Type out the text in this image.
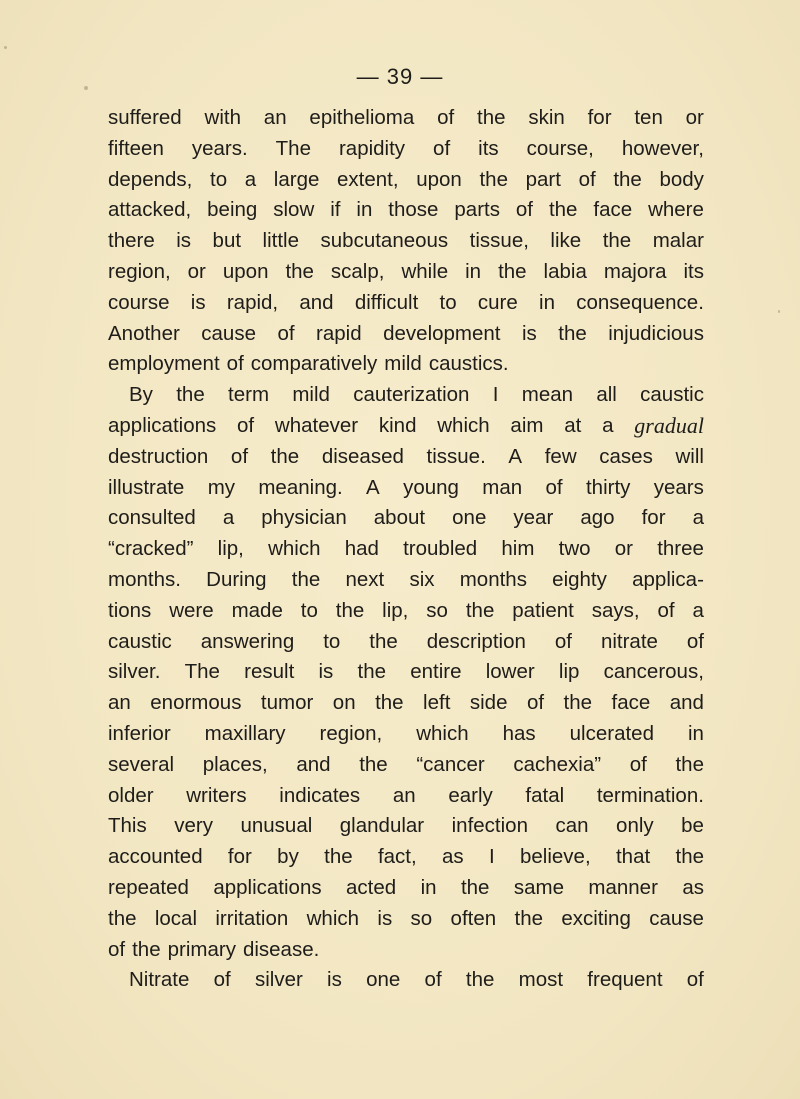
— 39 —
suffered with an epithelioma of the skin for ten or
fifteen years. The rapidity of its course, however,
depends, to a large extent, upon the part of the body
attacked, being slow if in those parts of the face where
there is but little subcutaneous tissue, like the malar
region, or upon the scalp, while in the labia majora its
course is rapid, and difficult to cure in consequence.
Another cause of rapid development is the injudicious
employment of comparatively mild caustics.
By the term mild cauterization I mean all caustic
applications of whatever kind which aim at a gradual
destruction of the diseased tissue. A few cases will
illustrate my meaning. A young man of thirty years
consulted a physician about one year ago for a
“cracked” lip, which had troubled him two or three
months. During the next six months eighty applica-
tions were made to the lip, so the patient says, of a
caustic answering to the description of nitrate of
silver. The result is the entire lower lip cancerous,
an enormous tumor on the left side of the face and
inferior maxillary region, which has ulcerated in
several places, and the “cancer cachexia” of the
older writers indicates an early fatal termination.
This very unusual glandular infection can only be
accounted for by the fact, as I believe, that the
repeated applications acted in the same manner as
the local irritation which is so often the exciting cause
of the primary disease.
Nitrate of silver is one of the most frequent of
